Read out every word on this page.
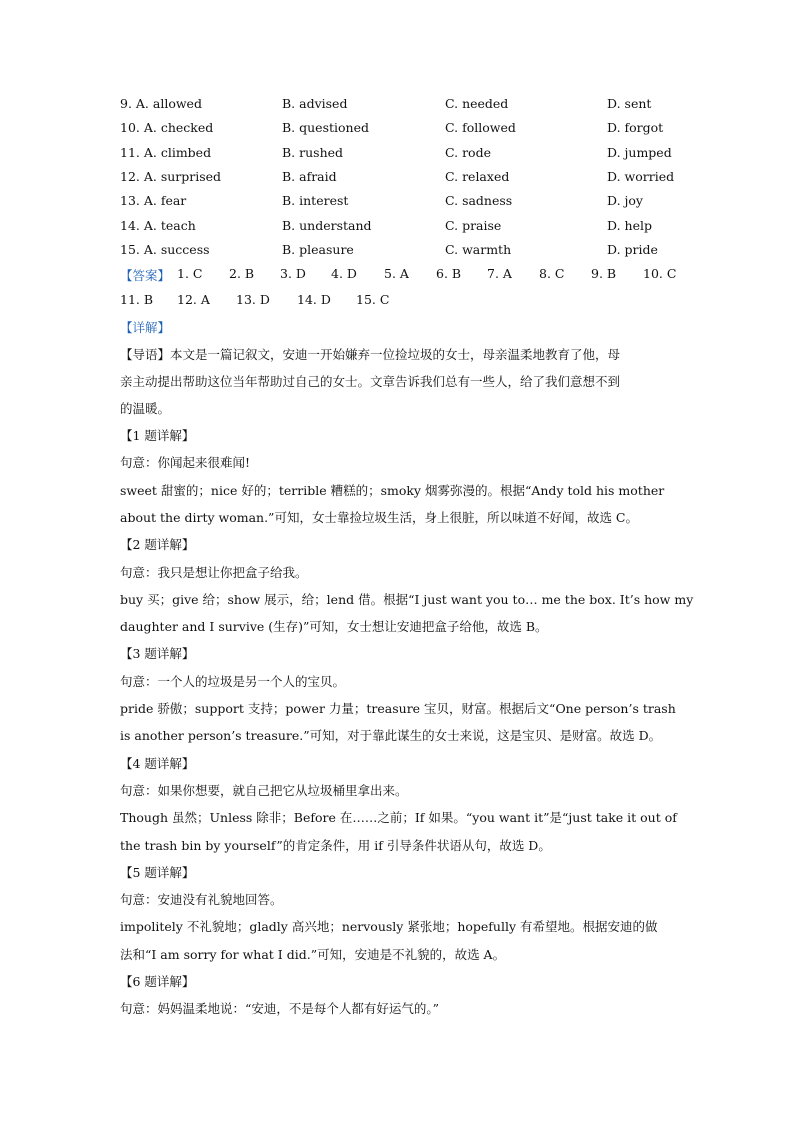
9. A. allowed	B. advised	C. needed	D. sent
10. A. checked	B. questioned	C. followed	D. forgot
11. A. climbed	B. rushed	C. rode	D. jumped
12. A. surprised	B. afraid	C. relaxed	D. worried
13. A. fear	B. interest	C. sadness	D. joy
14. A. teach	B. understand	C. praise	D. help
15. A. success	B. pleasure	C. warmth	D. pride
【答案】 1. C 2. B 3. D 4. D 5. A 6. B 7. A 8. C 9. B 10. C
11. B 12. A 13. D 14. D 15. C
【详解】
【导语】本文是一篇记叙文，安迪一开始嫌弃一位捡垃圾的女士，母亲温柔地教育了他，母
亲主动提出帮助这位当年帮助过自己的女士。文章告诉我们总有一些人，给了我们意想不到
的温暖。
【1 题详解】
句意：你闻起来很难闻!
sweet 甜蜜的；nice 好的；terrible 糟糕的；smoky 烟雾弥漫的。根据“Andy told his mother
about the dirty woman.”可知，女士靠捡垃圾生活，身上很脏，所以味道不好闻，故选 C。
【2 题详解】
句意：我只是想让你把盒子给我。
buy 买；give 给；show 展示，给；lend 借。根据“I just want you to… me the box. It’s how my
daughter and I survive (生存)”可知，女士想让安迪把盒子给他，故选 B。
【3 题详解】
句意：一个人的垃圾是另一个人的宝贝。
pride 骄傲；support 支持；power 力量；treasure 宝贝，财富。根据后文“One person’s trash
is another person’s treasure.”可知，对于靠此谋生的女士来说，这是宝贝、是财富。故选 D。
【4 题详解】
句意：如果你想要，就自己把它从垃圾桶里拿出来。
Though 虽然；Unless 除非；Before 在……之前；If 如果。“you want it”是“just take it out of
the trash bin by yourself”的肯定条件，用 if 引导条件状语从句，故选 D。
【5 题详解】
句意：安迪没有礼貌地回答。
impolitely 不礼貌地；gladly 高兴地；nervously 紧张地；hopefully 有希望地。根据安迪的做
法和“I am sorry for what I did.”可知，安迪是不礼貌的，故选 A。
【6 题详解】
句意：妈妈温柔地说：“安迪，不是每个人都有好运气的。”
